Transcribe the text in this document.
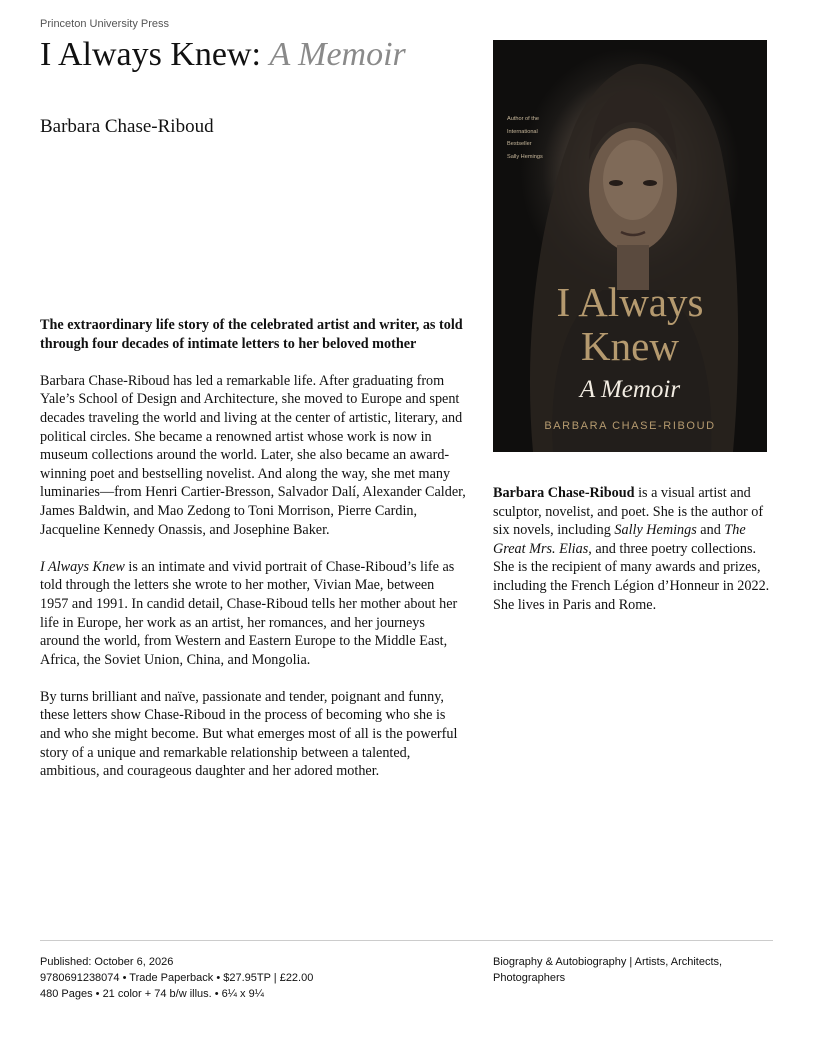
Princeton University Press

I Always Knew: A Memoir
Barbara Chase-Riboud	Author of the
International
Bestseller
Sally Hemings
I Always
Knew
A Memoir
BARBARA CHASE-RIBOUD

The extraordinary life story of the celebrated artist and writer, as told through four decades of intimate letters to her beloved mother

Barbara Chase-Riboud has led a remarkable life. After graduating from Yale’s School of Design and Architecture, she moved to Europe and spent decades traveling the world and living at the center of artistic, literary, and political circles. She became a renowned artist whose work is now in museum collections around the world. Later, she also became an award-winning poet and bestselling novelist. And along the way, she met many luminaries—from Henri Cartier-Bresson, Salvador Dalí, Alexander Calder, James Baldwin, and Mao Zedong to Toni Morrison, Pierre Cardin, Jacqueline Kennedy Onassis, and Josephine Baker.

I Always Knew is an intimate and vivid portrait of Chase-Riboud’s life as told through the letters she wrote to her mother, Vivian Mae, between 1957 and 1991. In candid detail, Chase-Riboud tells her mother about her life in Europe, her work as an artist, her romances, and her journeys around the world, from Western and Eastern Europe to the Middle East, Africa, the Soviet Union, China, and Mongolia.

By turns brilliant and naïve, passionate and tender, poignant and funny, these letters show Chase-Riboud in the process of becoming who she is and who she might become. But what emerges most of all is the powerful story of a unique and remarkable relationship between a talented, ambitious, and courageous daughter and her adored mother.

Barbara Chase-Riboud is a visual artist and sculptor, novelist, and poet. She is the author of six novels, including Sally Hemings and The Great Mrs. Elias, and three poetry collections. She is the recipient of many awards and prizes, including the French Légion d’Honneur in 2022. She lives in Paris and Rome.

Published: October 6, 2026
9780691238074 • Trade Paperback • $27.95TP | £22.00
480 Pages • 21 color + 74 b/w illus. • 6¼ x 9¼
Biography & Autobiography | Artists, Architects, Photographers
